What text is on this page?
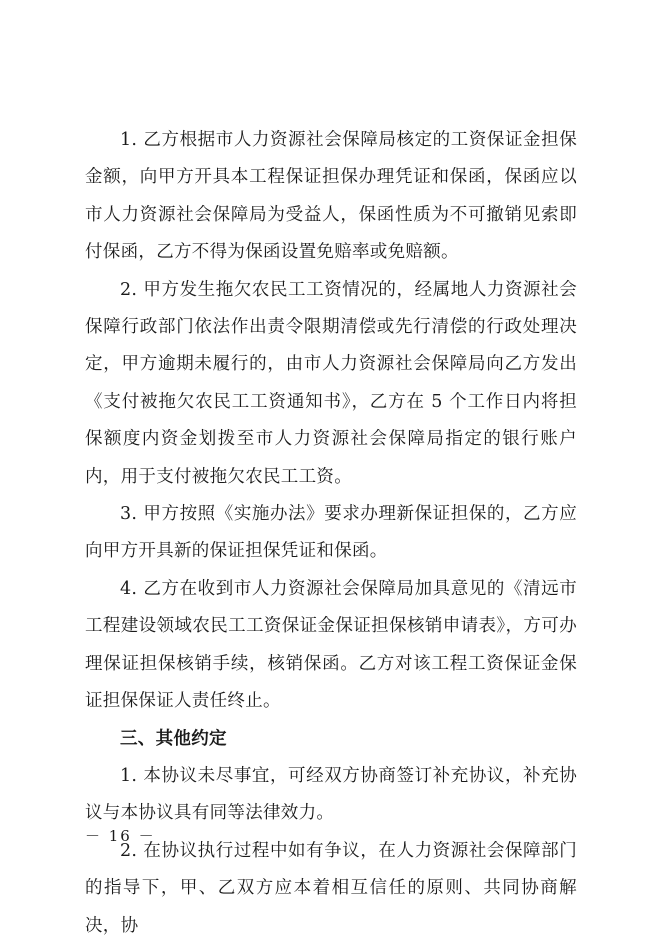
1. 乙方根据市人力资源社会保障局核定的工资保证金担保金额，向甲方开具本工程保证担保办理凭证和保函，保函应以市人力资源社会保障局为受益人，保函性质为不可撤销见索即付保函，乙方不得为保函设置免赔率或免赔额。

2. 甲方发生拖欠农民工工资情况的，经属地人力资源社会保障行政部门依法作出责令限期清偿或先行清偿的行政处理决定，甲方逾期未履行的，由市人力资源社会保障局向乙方发出《支付被拖欠农民工工资通知书》，乙方在 5 个工作日内将担保额度内资金划拨至市人力资源社会保障局指定的银行账户内，用于支付被拖欠农民工工资。

3. 甲方按照《实施办法》要求办理新保证担保的，乙方应向甲方开具新的保证担保凭证和保函。

4. 乙方在收到市人力资源社会保障局加具意见的《清远市工程建设领域农民工工资保证金保证担保核销申请表》，方可办理保证担保核销手续，核销保函。乙方对该工程工资保证金保证担保保证人责任终止。

三、其他约定

1. 本协议未尽事宜，可经双方协商签订补充协议，补充协议与本协议具有同等法律效力。

2. 在协议执行过程中如有争议，在人力资源社会保障部门的指导下，甲、乙双方应本着相互信任的原则、共同协商解决，协

－ 16 －
